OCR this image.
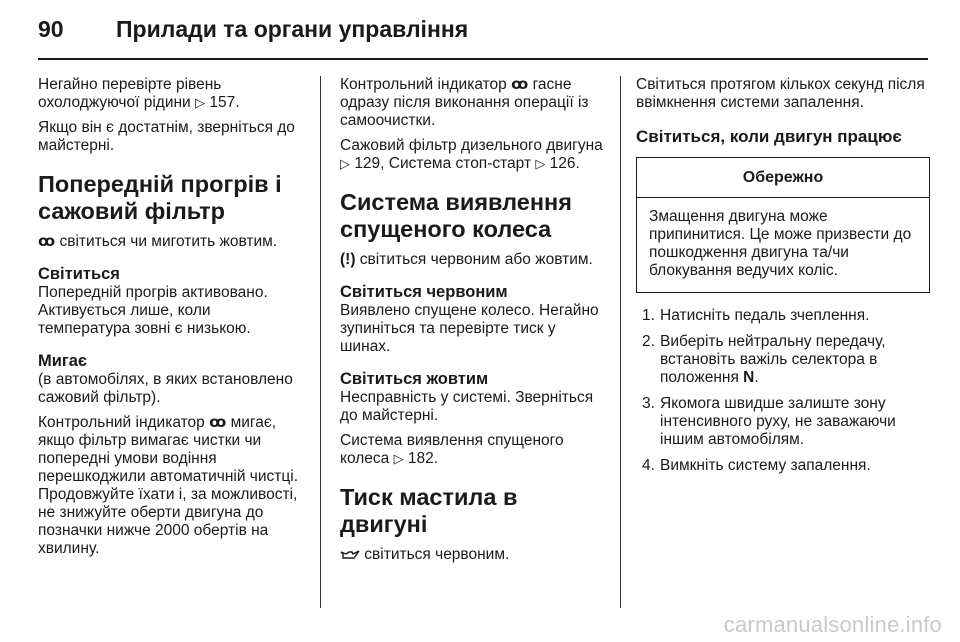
90 Прилади та органи управління

Негайно перевірте рівень охолоджуючої рідини ▷ 157.

Якщо він є достатнім, зверніться до майстерні.

Попередній прогрів і сажовий фільтр

ꝏ світиться чи миготить жовтим.

Світиться

Попередній прогрів активовано. Активується лише, коли температура зовні є низькою.

Мигає

(в автомобілях, в яких встановлено сажовий фільтр).

Контрольний індикатор ꝏ мигає, якщо фільтр вимагає чистки чи попередні умови водіння перешкоджили автоматичній чистці. Продовжуйте їхати і, за можливості, не знижуйте оберти двигуна до позначки нижче 2000 обертів на хвилину.

Контрольний індикатор ꝏ гасне одразу після виконання операції із самоочистки.

Сажовий фільтр дизельного двигуна ▷ 129, Система стоп-старт ▷ 126.

Система виявлення спущеного колеса

(!) світиться червоним або жовтим.

Світиться червоним

Виявлено спущене колесо. Негайно зупиніться та перевірте тиск у шинах.

Світиться жовтим

Несправність у системі. Зверніться до майстерні.

Система виявлення спущеного колеса ▷ 182.

Тиск мастила в двигуні

світиться червоним.

Світиться протягом кількох секунд після ввімкнення системи запалення.

Світиться, коли двигун працює
Обережно
Змащення двигуна може припинитися. Це може призвести до пошкодження двигуна та/чи блокування ведучих коліс.
1. Натисніть педаль зчеплення.
2. Виберіть нейтральну передачу, встановіть важіль селектора в положення N.
3. Якомога швидше залиште зону інтенсивного руху, не заважаючи іншим автомобілям.
4. Вимкніть систему запалення.
carmanualsonline.info
